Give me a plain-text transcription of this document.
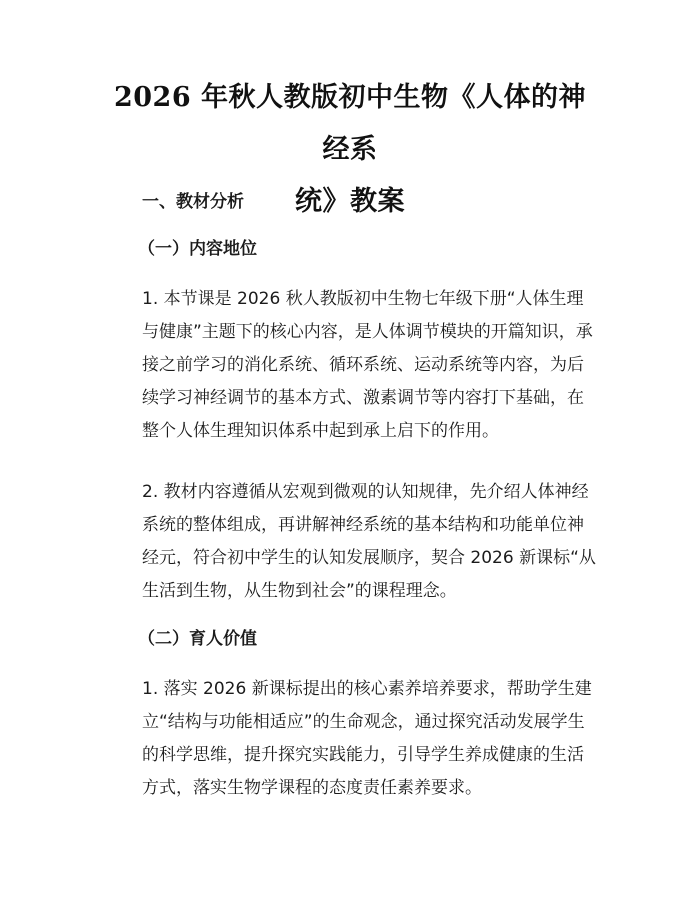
2026 年秋人教版初中生物《人体的神经系
统》教案
一、教材分析
（一）内容地位

1. 本节课是 2026 秋人教版初中生物七年级下册“人体生理与健康”主题下的核心内容，是人体调节模块的开篇知识，承接之前学习的消化系统、循环系统、运动系统等内容，为后续学习神经调节的基本方式、激素调节等内容打下基础，在整个人体生理知识体系中起到承上启下的作用。

2. 教材内容遵循从宏观到微观的认知规律，先介绍人体神经系统的整体组成，再讲解神经系统的基本结构和功能单位神经元，符合初中学生的认知发展顺序，契合 2026 新课标“从生活到生物，从生物到社会”的课程理念。

（二）育人价值

1. 落实 2026 新课标提出的核心素养培养要求，帮助学生建立“结构与功能相适应”的生命观念，通过探究活动发展学生的科学思维，提升探究实践能力，引导学生养成健康的生活方式，落实生物学课程的态度责任素养要求。
